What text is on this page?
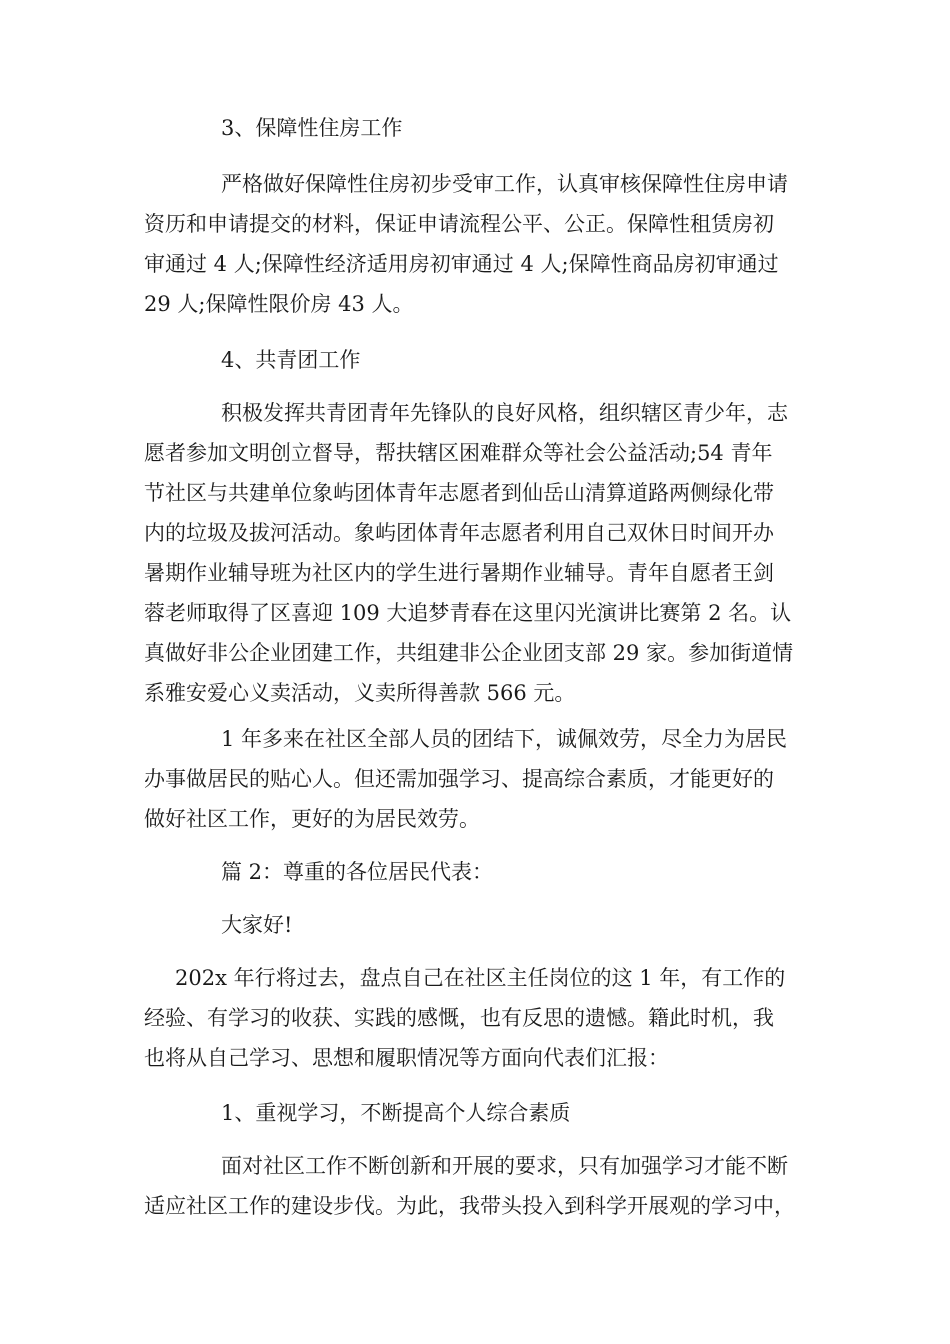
3、保障性住房工作
严格做好保障性住房初步受审工作，认真审核保障性住房申请
资历和申请提交的材料，保证申请流程公平、公正。保障性租赁房初
审通过 4 人;保障性经济适用房初审通过 4 人;保障性商品房初审通过
29 人;保障性限价房 43 人。
4、共青团工作
积极发挥共青团青年先锋队的良好风格，组织辖区青少年，志
愿者参加文明创立督导，帮扶辖区困难群众等社会公益活动;54 青年
节社区与共建单位象屿团体青年志愿者到仙岳山清算道路两侧绿化带
内的垃圾及拔河活动。象屿团体青年志愿者利用自己双休日时间开办
暑期作业辅导班为社区内的学生进行暑期作业辅导。青年自愿者王剑
蓉老师取得了区喜迎 109 大追梦青春在这里闪光演讲比赛第 2 名。认
真做好非公企业团建工作，共组建非公企业团支部 29 家。参加街道情
系雅安爱心义卖活动，义卖所得善款 566 元。
1 年多来在社区全部人员的团结下，诚佩效劳，尽全力为居民
办事做居民的贴心人。但还需加强学习、提高综合素质，才能更好的
做好社区工作，更好的为居民效劳。
篇 2：尊重的各位居民代表：
大家好!
202x 年行将过去，盘点自己在社区主任岗位的这 1 年，有工作的
经验、有学习的收获、实践的感慨，也有反思的遗憾。籍此时机，我
也将从自己学习、思想和履职情况等方面向代表们汇报：
1、重视学习，不断提高个人综合素质
面对社区工作不断创新和开展的要求，只有加强学习才能不断
适应社区工作的建设步伐。为此，我带头投入到科学开展观的学习中，
